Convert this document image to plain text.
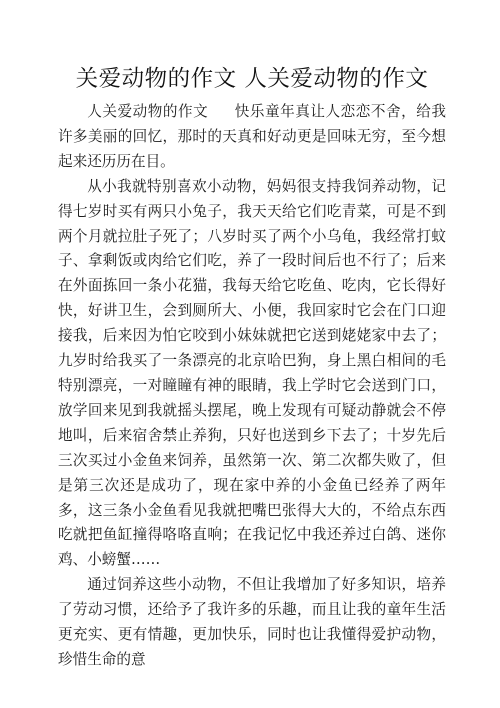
关爱动物的作文 人关爱动物的作文

人关爱动物的作文 快乐童年真让人恋恋不舍，给我许多美丽的回忆，那时的天真和好动更是回味无穷，至今想起来还历历在目。

从小我就特别喜欢小动物，妈妈很支持我饲养动物，记得七岁时买有两只小兔子，我天天给它们吃青菜，可是不到两个月就拉肚子死了；八岁时买了两个小乌龟，我经常打蚊子、拿剩饭或肉给它们吃，养了一段时间后也不行了；后来在外面拣回一条小花猫，我每天给它吃鱼、吃肉，它长得好快，好讲卫生，会到厕所大、小便，我回家时它会在门口迎接我，后来因为怕它咬到小妹妹就把它送到姥姥家中去了；九岁时给我买了一条漂亮的北京哈巴狗，身上黑白相间的毛特别漂亮，一对瞳瞳有神的眼睛，我上学时它会送到门口，放学回来见到我就摇头摆尾，晚上发现有可疑动静就会不停地叫，后来宿舍禁止养狗，只好也送到乡下去了；十岁先后三次买过小金鱼来饲养，虽然第一次、第二次都失败了，但是第三次还是成功了，现在家中养的小金鱼已经养了两年多，这三条小金鱼看见我就把嘴巴张得大大的，不给点东西吃就把鱼缸撞得咯咯直响；在我记忆中我还养过白鸽、迷你鸡、小螃蟹……

通过饲养这些小动物，不但让我增加了好多知识，培养了劳动习惯，还给予了我许多的乐趣，而且让我的童年生活更充实、更有情趣，更加快乐，同时也让我懂得爱护动物，珍惜生命的意
